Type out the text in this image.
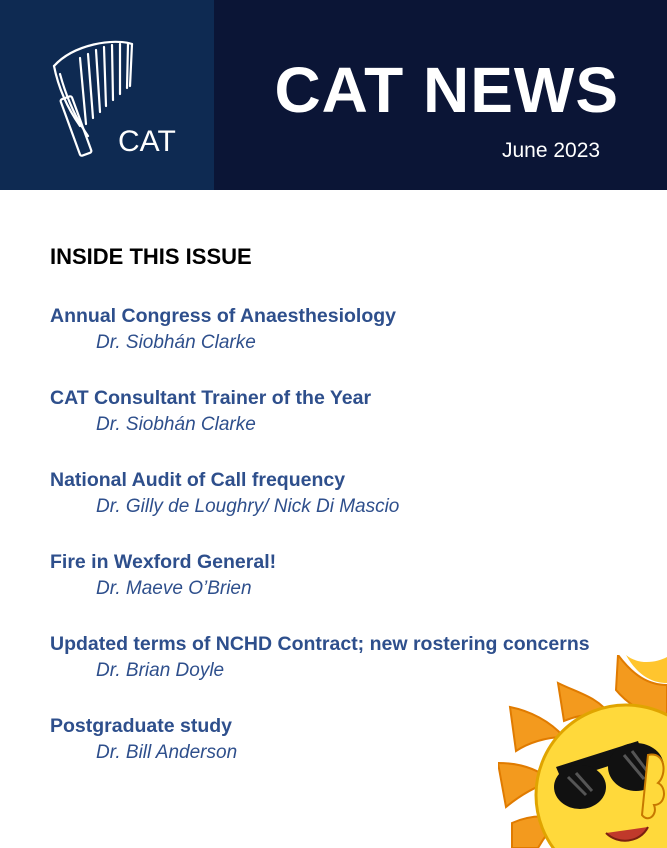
CAT
CAT NEWS
June 2023
INSIDE THIS ISSUE
Annual Congress of Anaesthesiology
Dr. Siobhán Clarke
CAT Consultant Trainer of the Year
Dr. Siobhán Clarke
National Audit of Call frequency
Dr. Gilly de Loughry/ Nick Di Mascio
Fire in Wexford General!
Dr. Maeve O’Brien
Updated terms of NCHD Contract; new rostering concerns
Dr. Brian Doyle
Postgraduate study
Dr. Bill Anderson
